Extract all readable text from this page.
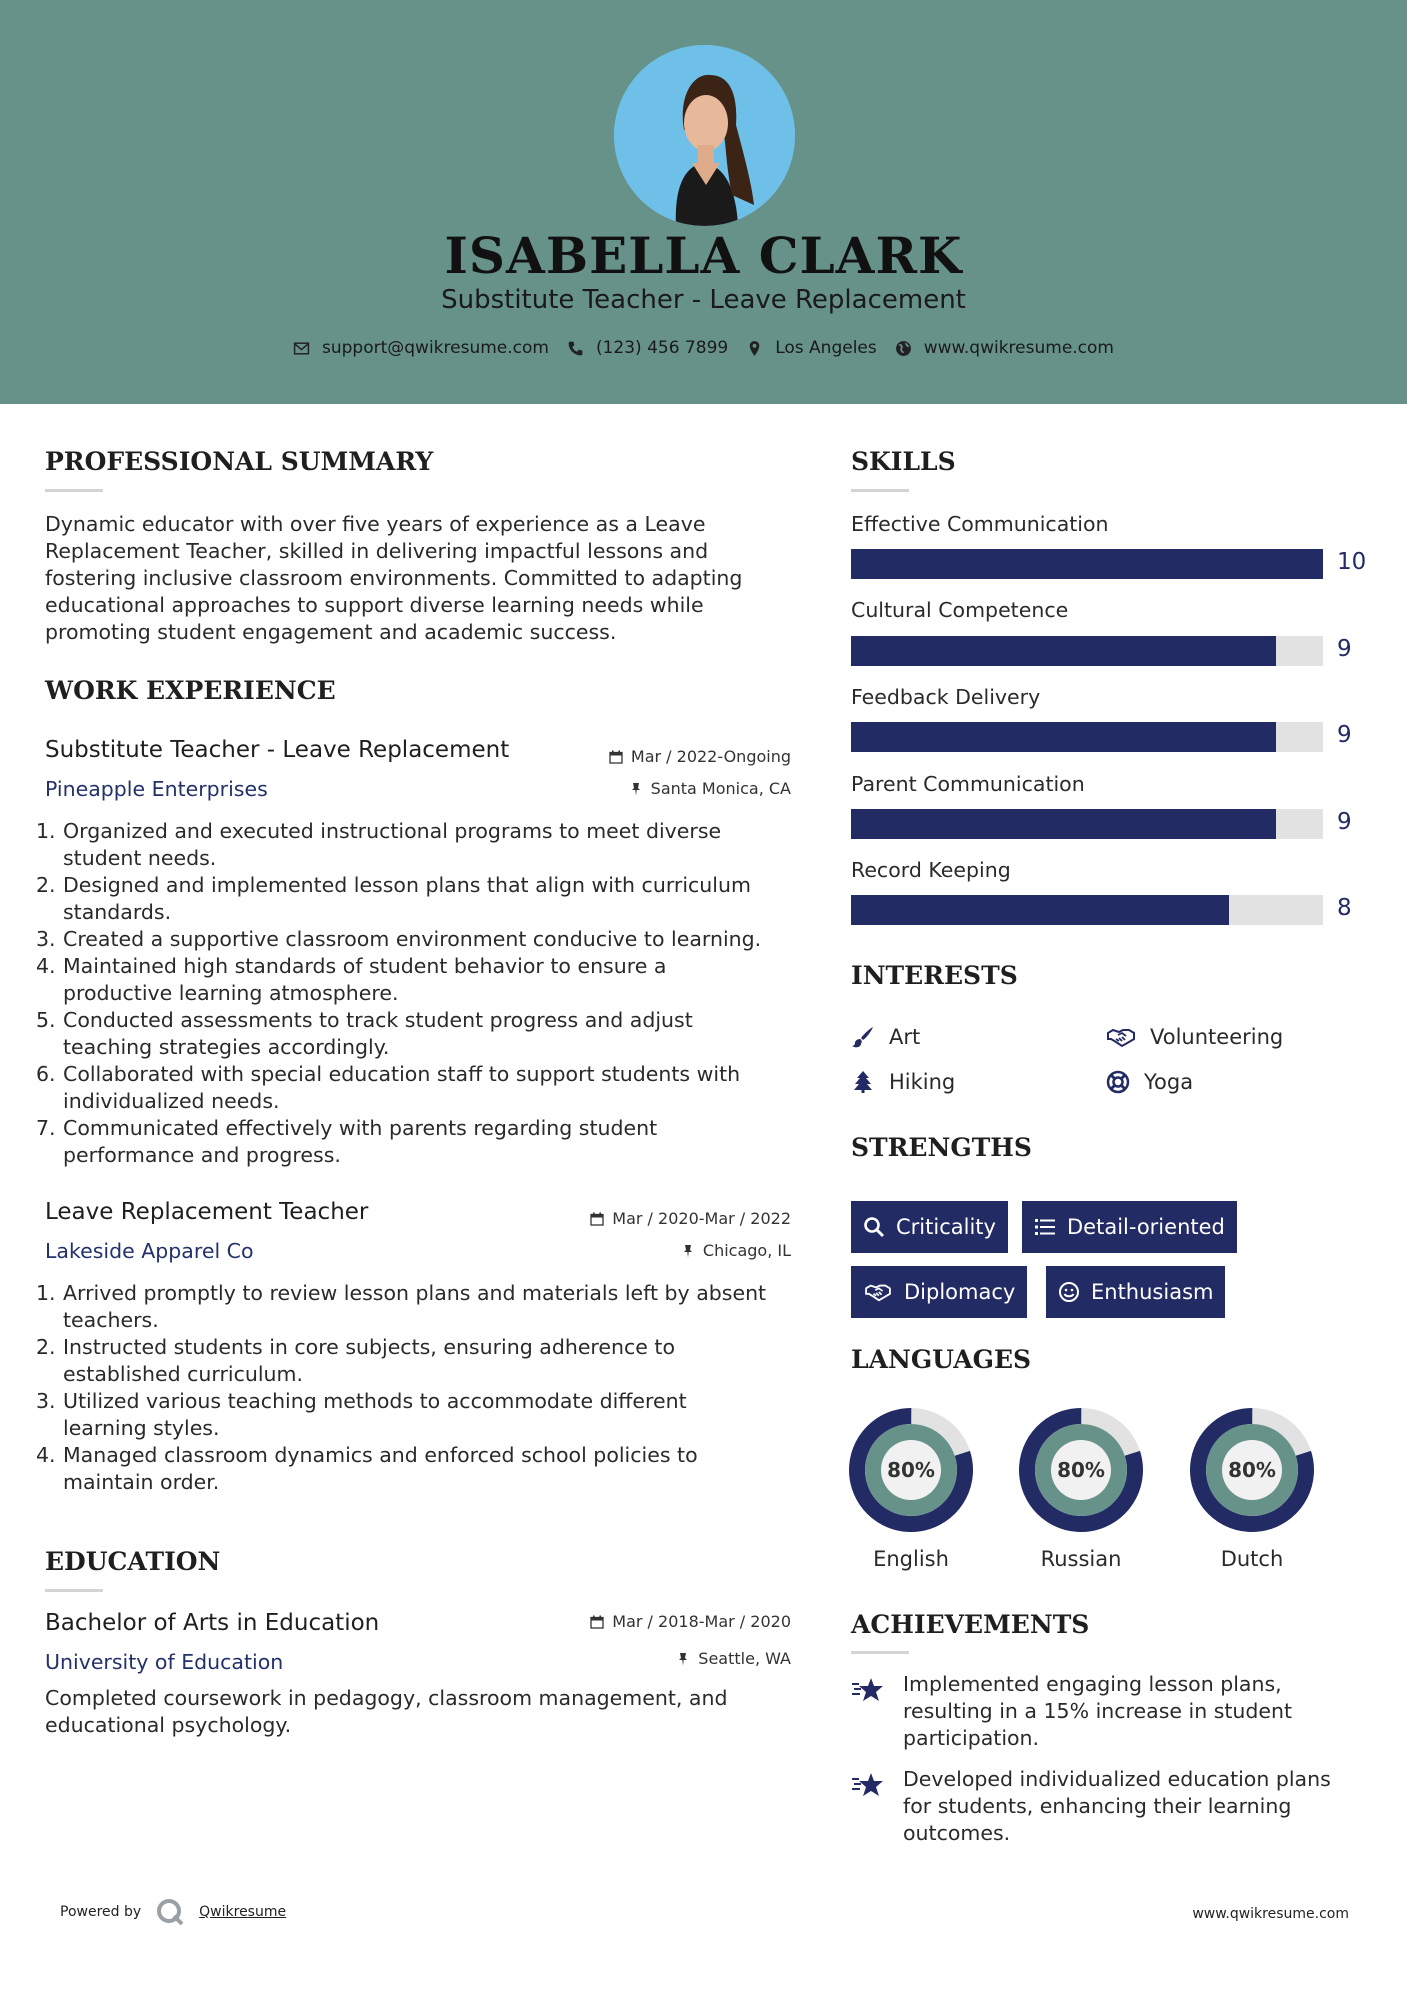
ISABELLA CLARK
Substitute Teacher - Leave Replacement
support@qwikresume.com	(123) 456 7899	Los Angeles	www.qwikresume.com
PROFESSIONAL SUMMARY
Dynamic educator with over five years of experience as a Leave
Replacement Teacher, skilled in delivering impactful lessons and
fostering inclusive classroom environments. Committed to adapting
educational approaches to support diverse learning needs while
promoting student engagement and academic success.
WORK EXPERIENCE
Substitute Teacher - Leave Replacement
Pineapple Enterprises
Mar / 2022-Ongoing
Santa Monica, CA
1. Organized and executed instructional programs to meet diverse
student needs.
2. Designed and implemented lesson plans that align with curriculum
standards.
3. Created a supportive classroom environment conducive to learning.
4. Maintained high standards of student behavior to ensure a
productive learning atmosphere.
5. Conducted assessments to track student progress and adjust
teaching strategies accordingly.
6. Collaborated with special education staff to support students with
individualized needs.
7. Communicated effectively with parents regarding student
performance and progress.
Leave Replacement Teacher
Lakeside Apparel Co
Mar / 2020-Mar / 2022
Chicago, IL
1. Arrived promptly to review lesson plans and materials left by absent
teachers.
2. Instructed students in core subjects, ensuring adherence to
established curriculum.
3. Utilized various teaching methods to accommodate different
learning styles.
4. Managed classroom dynamics and enforced school policies to
maintain order.
EDUCATION
Bachelor of Arts in Education
University of Education
Mar / 2018-Mar / 2020
Seattle, WA
Completed coursework in pedagogy, classroom management, and
educational psychology.
SKILLS
Effective Communication
10
Cultural Competence
9
Feedback Delivery
9
Parent Communication
9
Record Keeping
8
INTERESTS
Art	Volunteering
Hiking	Yoga
STRENGTHS
Criticality	Detail-oriented
Diplomacy	Enthusiasm
LANGUAGES
80%
English
80%
Russian
80%
Dutch
ACHIEVEMENTS
Implemented engaging lesson plans,
resulting in a 15% increase in student
participation.
Developed individualized education plans
for students, enhancing their learning
outcomes.
Powered by	Qwikresume	www.qwikresume.com
